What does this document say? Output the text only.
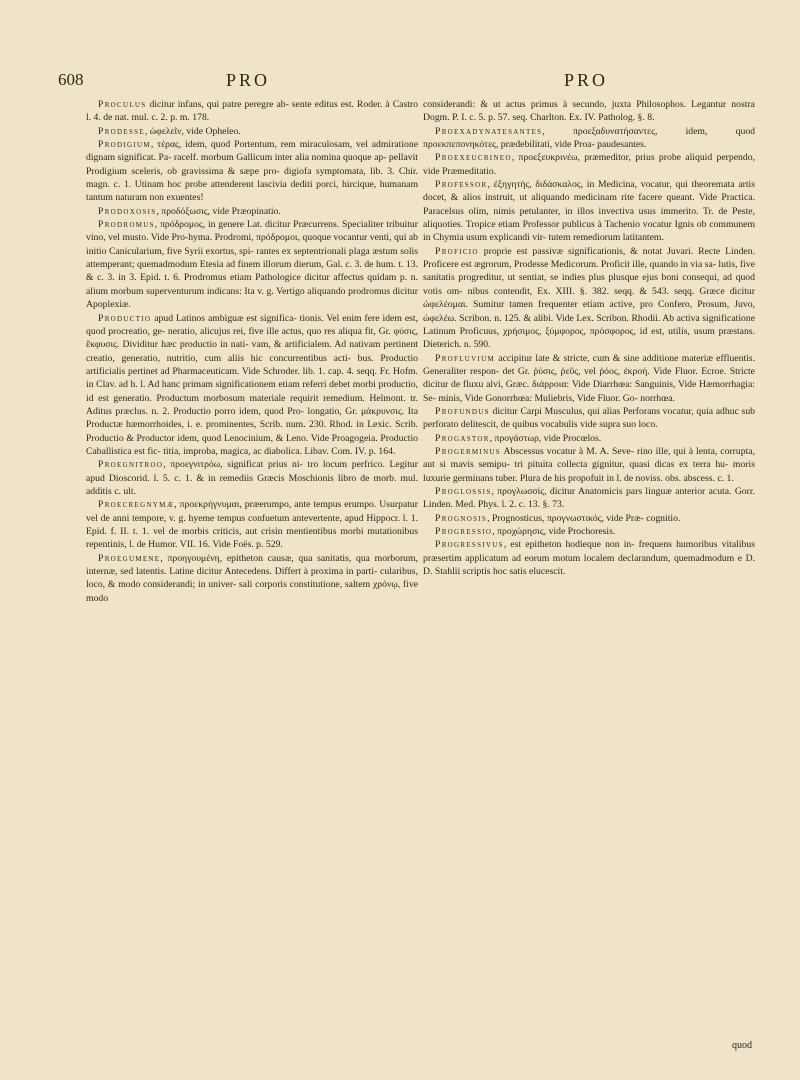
608	PRO	PRO

Proculus dicitur infans, qui patre peregre ab- sente editus est. Roder. à Castro l. 4. de nat. mul. c. 2. p. m. 178.

Prodesse, ὠφελεῖν, vide Opheleo.

Prodigium, τέρας, idem, quod Portentum, rem miraculosam, vel admiratione dignam significat. Pa- racelf. morbum Gallicum inter alia nomina quoque ap- pellavit Prodigium sceleris, ob gravissima & sæpe pro- digiofa symptomata, lib. 3. Chir. magn. c. 1. Utinam hoc probe attenderent lascivia dediti porci, hircique, humanam tantum naturam non exuentes!

Prodoxosis, προδόξωσις, vide Præopinatio.

Prodromus, πρόδρομος, in genere Lat. dicitur Præcurrens. Specialiter tribuitur vino, vel musto. Vide Pro-hyma. Prodromi, πρόδρομοι, quoque vocantur venti, qui ab initio Canicularium, five Syrii exortus, spi- rantes ex septentrionali plaga æstum solis attemperant; quemadmodum Etesia ad finem illorum dierum, Gal. c. 3. de hum. t. 13. & c. 3. in 3. Epid. t. 6. Prodromus etiam Pathologice dicitur affectus quidam p. n. alium morbum superventurum indicans: Ita v. g. Vertigo aliquando prodromus dicitur Apoplexiæ.

Productio apud Latinos ambiguæ est significa- tionis. Vel enim fere idem est, quod procreatio, ge- neratio, alicujus rei, five ille actus, quo res aliqua fit, Gr. φύσις, ἔκφυσις. Dividitur hæc productio in nati- vam, & artificialem. Ad nativam pertinent creatio, generatio, nutritio, cum aliis hic concurrentibus acti- bus. Productio artificialis pertinet ad Pharmaceuticam. Vide Schroder. lib. 1. cap. 4. seqq. Fr. Hofm. in Clav. ad h. l. Ad hanc primam significationem etiam referri debet morbi productio, id est generatio. Productum morbosum materiale requirit remedium. Helmont. tr. Aditus præclus. n. 2. Productio porro idem, quod Pro- longatio, Gr. μάκρυνσις. Ita Productæ hæmorrhoides, i. e. prominentes, Scrib. num. 230. Rhod. in Lexic. Scrib. Productio & Productor idem, quod Lenocinium, & Leno. Vide Proagogeia. Productio Caballistica est fic- titia, improba, magica, ac diabolica. Libav. Com. IV. p. 164.

Proegnitroo, προεγνιτρόω, significat prius ni- tro locum perfrico. Legitur apud Dioscorid. l. 5. c. 1. & in remediis Græcis Moschionis libro de morb. mul. additis c. ult.

Proecregnymæ, προεκρήγνυμαι, præerumpo, ante tempus erumpo. Usurpatur vel de anni tempore, v. g. hyeme tempus confuetum antevertente, apud Hippocr. l. 1. Epid. f. II. t. 1. vel de morbis criticis, aut crisin mentientibus morbi mutationibus repentinis, l. de Humor. VII. 16. Vide Foës. p. 529.

Proegumene, προηγουμένη, epitheton causæ, qua sanitatis, qua morborum, internæ, sed latentis. Latine dicitur Antecedens. Differt à proxima in parti- cularibus, loco, & modo considerandi; in univer- sali corporis constitutione, saltem χρόνῳ, five modo

considerandi: & ut actus primus à secundo, juxta Philosophos. Legantur nostra Dogm. P. I. c. 5. p. 57. seq. Charlton. Ex. IV. Patholog. §. 8.

Proexadynatesantes, προεξαδυνατήσαντες, idem, quod προεκπεπονηκότες, prædebilitati, vide Proa- paudesantes.

Proexeucrineo, προεξευκρινέω, præmeditor, prius probe aliquid perpendo, vide Præmeditatio.

Professor, ἐξηγητής, διδάσκαλος, in Medicina, vocatur, qui theoremata artis docet, & alios instruit, ut aliquando medicinam rite facere queant. Vide Practica. Paracelsus olim, nimis petulanter, in illos invectiva usus immerito. Tr. de Peste, aliquoties. Tropice etiam Professor publicus à Tachenio vocatur Ignis ob communem in Chymia usum explicandi vir- tutem remediorum latitantem.

Proficio proprie est passivæ significationis, & notat Juvari. Recte Linden. Proficere est ægrorum, Prodesse Medicorum. Proficit ille, quando in via sa- lutis, five sanitatis progreditur, ut sentiat, se indies plus plusque ejus boni consequi, ad quod votis om- nibus contendit, Ex. XIII. §. 382. seqq. & 543. seqq. Græce dicitur ὠφελέομαι. Sumitur tamen frequenter etiam active, pro Confero, Prosum, Juvo, ὠφελέω. Scribon. n. 125. & alibi. Vide Lex. Scribon. Rhodii. Ab activa significatione Latinum Proficuus, χρήσιμος, ξύμφορος, πρόσφορος, id est, utilis, usum præstans. Dieterich. n. 590.

Profluvium accipitur late & stricte, cum & sine additione materiæ effluentis. Generaliter respon- det Gr. ῥύσις, ῥεῦς, vel ῥόος, ἐκροή. Vide Fluor. Ecroe. Stricte dicitur de fluxu alvi, Græc. διάρροια: Vide Diarrhœa: Sanguinis, Vide Hæmorrhagia: Se- minis, Vide Gonorrhœa: Muliebris, Vide Fluor. Go- norrhœa.

Profundus dicitur Carpi Musculus, qui alias Perforans vocatur, quia adhuc sub perforato delitescit, de quibus vocabulis vide supra suo loco.

Progastor, προγάστωρ, vide Procœlos.

Progerminus Abscessus vocatur à M. A. Seve- rino ille, qui à lenta, corrupta, aut si mavis semipu- tri pituita collecta gignitur, quasi dicas ex terra hu- moris luxurie germinans tuber. Plura de his propofuit in l. de noviss. obs. abscess. c. 1.

Proglossis, προγλωσσίς, dicitur Anatomicis pars linguæ anterior acuta. Gorr. Linden. Med. Phys. l. 2. c. 13. §. 73.

Prognosis, Prognosticus, προγνωστικός, vide Præ- cognitio.

Progressio, προχώρησις, vide Prochoresis.

Progressivus, est epitheton hodieque non in- frequens humoribus vitalibus præsertim applicatum ad eorum motum localem declarandum, quemadmodum e D. D. Stahlii scriptis hoc satis elucescit.

quod
